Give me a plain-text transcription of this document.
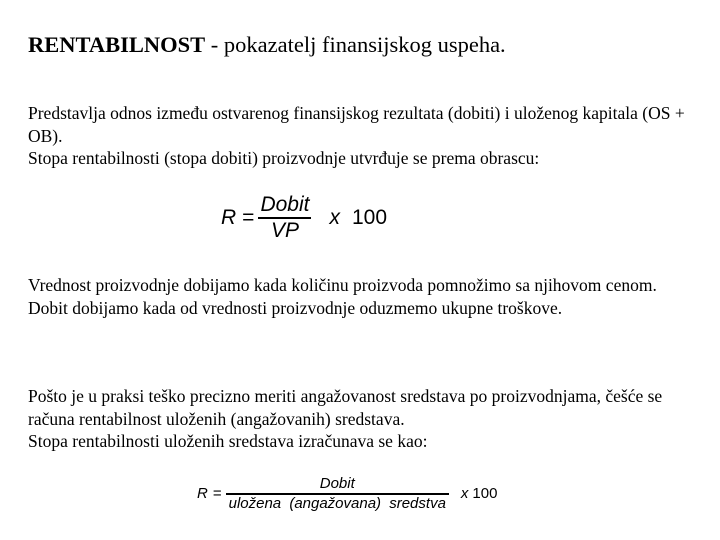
RENTABILNOST - pokazatelj finansijskog uspeha.

Predstavlja odnos između ostvarenog finansijskog rezultata (dobiti) i uloženog kapitala (OS + OB).

Stopa rentabilnosti (stopa dobiti) proizvodnje utvrđuje se prema obrascu:

$R = \frac{\text{Dobit}}{VP}$ x 100

Vrednost proizvodnje dobijamo kada količinu proizvoda pomnožimo sa njihovom cenom.

Dobit dobijamo kada od vrednosti proizvodnje oduzmemo ukupne troškove.

Pošto je u praksi teško precizno meriti angažovanost sredstava po proizvodnjama, češće se računa rentabilnost uloženih (angažovanih) sredstava.

Stopa rentabilnosti uloženih sredstava izračunava se kao:

$R = \frac{\text{Dobit}}{\text{uložena (angažovana) sredstva}}$ x 100
